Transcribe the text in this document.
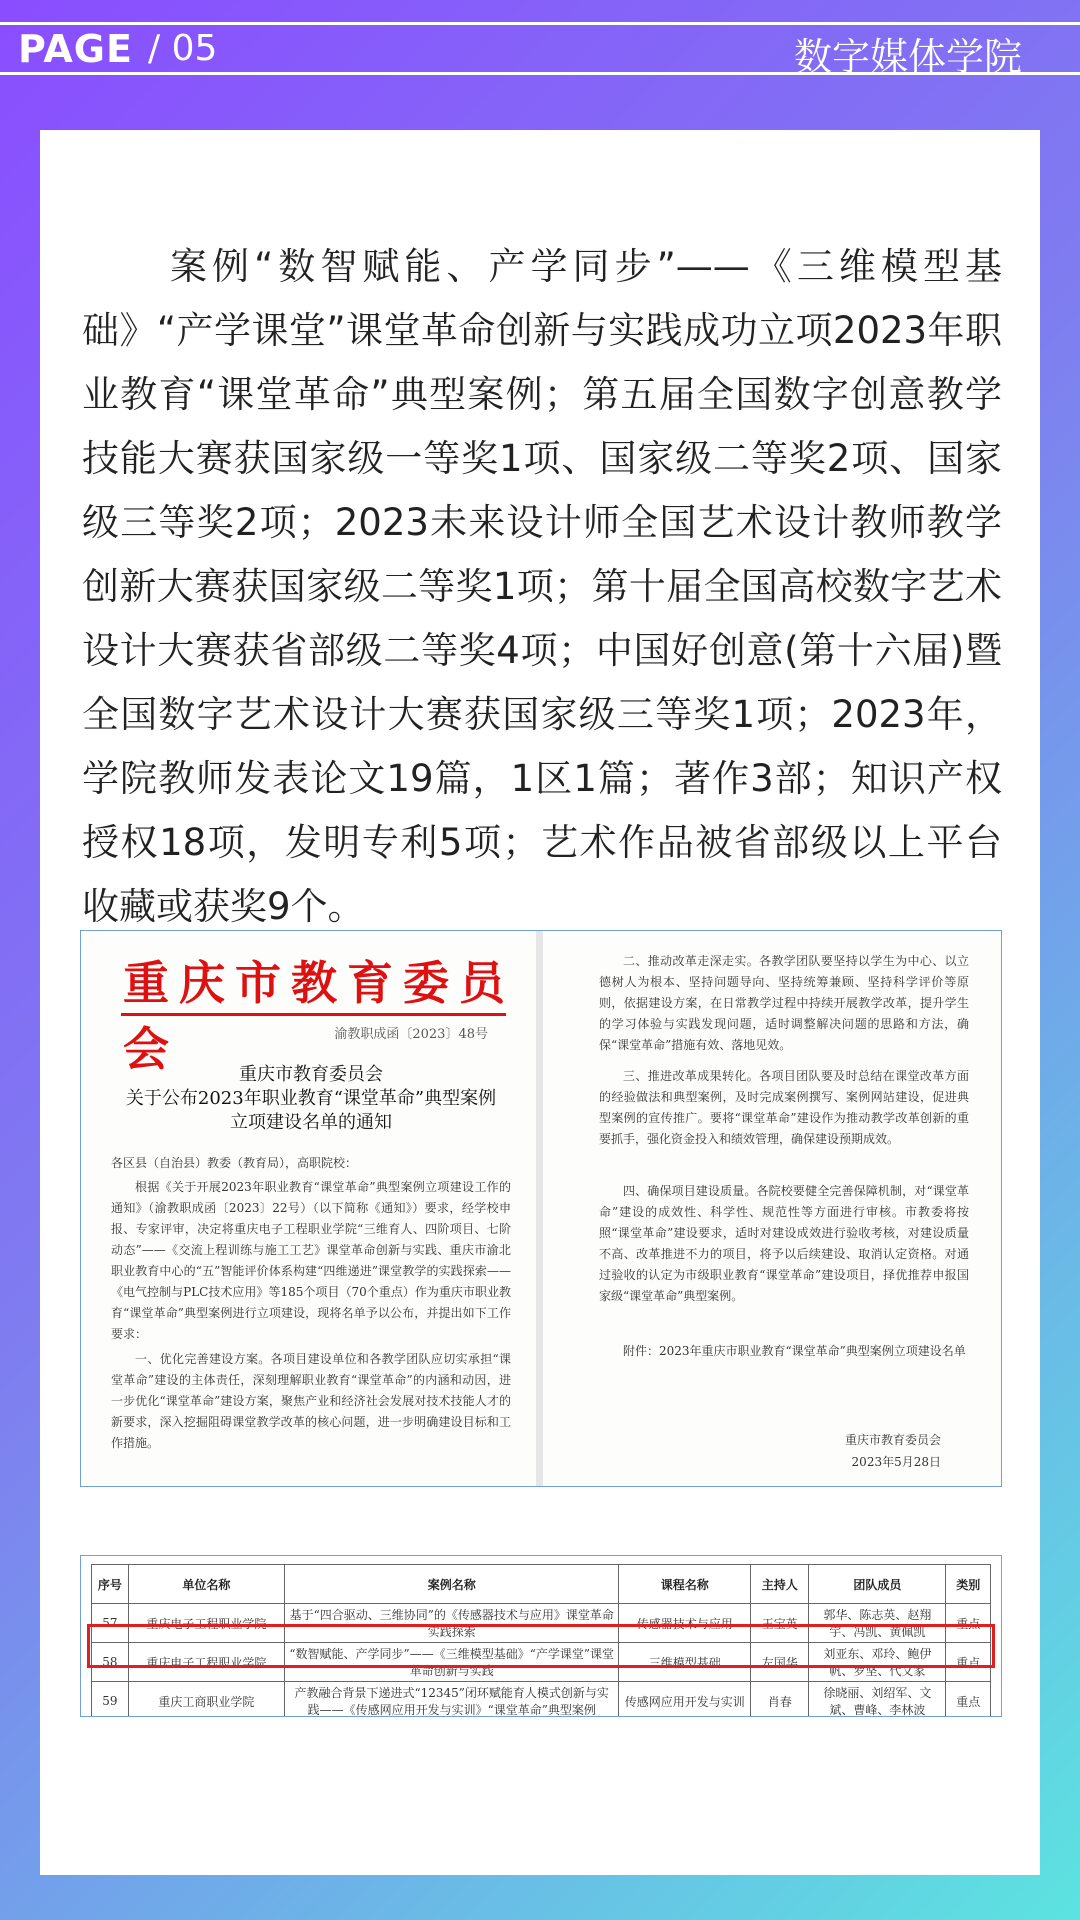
PAGE / 05	数字媒体学院

案例“数智赋能、产学同步”——《三维模型基础》“产学课堂”课堂革命创新与实践成功立项2023年职业教育“课堂革命”典型案例；第五届全国数字创意教学技能大赛获国家级一等奖1项、国家级二等奖2项、国家级三等奖2项；2023未来设计师全国艺术设计教师教学创新大赛获国家级二等奖1项；第十届全国高校数字艺术设计大赛获省部级二等奖4项；中国好创意(第十六届)暨全国数字艺术设计大赛获国家级三等奖1项；2023年，学院教师发表论文19篇，1区1篇；著作3部；知识产权授权18项，发明专利5项；艺术作品被省部级以上平台收藏或获奖9个。

重庆市教育委员会	渝教职成函〔2023〕48号
重庆市教育委员会
关于公布2023年职业教育“课堂革命”典型案例
立项建设名单的通知
各区县（自治县）教委（教育局），高职院校：
根据《关于开展2023年职业教育“课堂革命”典型案例立项建设工作的通知》（渝教职成函〔2023〕22号）（以下简称《通知》）要求，经学校申报、专家评审，决定将重庆电子工程职业学院“三维育人、四阶项目、七阶动态”——《交流上程训练与施工工艺》课堂革命创新与实践、重庆市渝北职业教育中心的“五”智能评价体系构建“四维递进”课堂教学的实践探索——《电气控制与PLC技术应用》等185个项目（70个重点）作为重庆市职业教育“课堂革命”典型案例进行立项建设，现将名单予以公布，并提出如下工作要求：
一、优化完善建设方案。各项目建设单位和各教学团队应切实承担“课堂革命”建设的主体责任，深刻理解职业教育“课堂革命”的内涵和动因，进一步优化“课堂革命”建设方案，聚焦产业和经济社会发展对技术技能人才的新要求，深入挖掘阻碍课堂教学改革的核心问题，进一步明确建设目标和工作措施。
二、推动改革走深走实。各教学团队要坚持以学生为中心、以立德树人为根本、坚持问题导向、坚持统筹兼顾、坚持科学评价等原则，依据建设方案，在日常教学过程中持续开展教学改革，提升学生的学习体验与实践发现问题，适时调整解决问题的思路和方法，确保“课堂革命”措施有效、落地见效。
三、推进改革成果转化。各项目团队要及时总结在课堂改革方面的经验做法和典型案例，及时完成案例撰写、案例网站建设，促进典型案例的宣传推广。要将“课堂革命”建设作为推动教学改革创新的重要抓手，强化资金投入和绩效管理，确保建设预期成效。
四、确保项目建设质量。各院校要健全完善保障机制，对“课堂革命”建设的成效性、科学性、规范性等方面进行审核。市教委将按照“课堂革命”建设要求，适时对建设成效进行验收考核，对建设质量不高、改革推进不力的项目，将予以后续建设、取消认定资格。对通过验收的认定为市级职业教育“课堂革命”建设项目，择优推荐申报国家级“课堂革命”典型案例。
附件：2023年重庆市职业教育“课堂革命”典型案例立项建设名单
重庆市教育委员会
2023年5月28日
序号	单位名称	案例名称	课程名称	主持人	团队成员	类别
57	重庆电子工程职业学院	基于“四合驱动、三维协同”的《传感器技术与应用》课堂革命实践探索	传感器技术与应用	王宝英	郭华、陈志英、赵翔宇、冯凯、黄佩凯	重点
58	重庆电子工程职业学院	“数智赋能、产学同步”——《三维模型基础》“产学课堂”课堂革命创新与实践	三维模型基础	左国华	刘亚东、邓玲、鲍伊帆、罗坚、代文家	重点
59	重庆工商职业学院	产教融合背景下递进式“12345”闭环赋能育人模式创新与实践——《传感网应用开发与实训》“课堂革命”典型案例	传感网应用开发与实训	肖春	徐晓丽、刘绍军、文斌、曹峰、李林波	重点
